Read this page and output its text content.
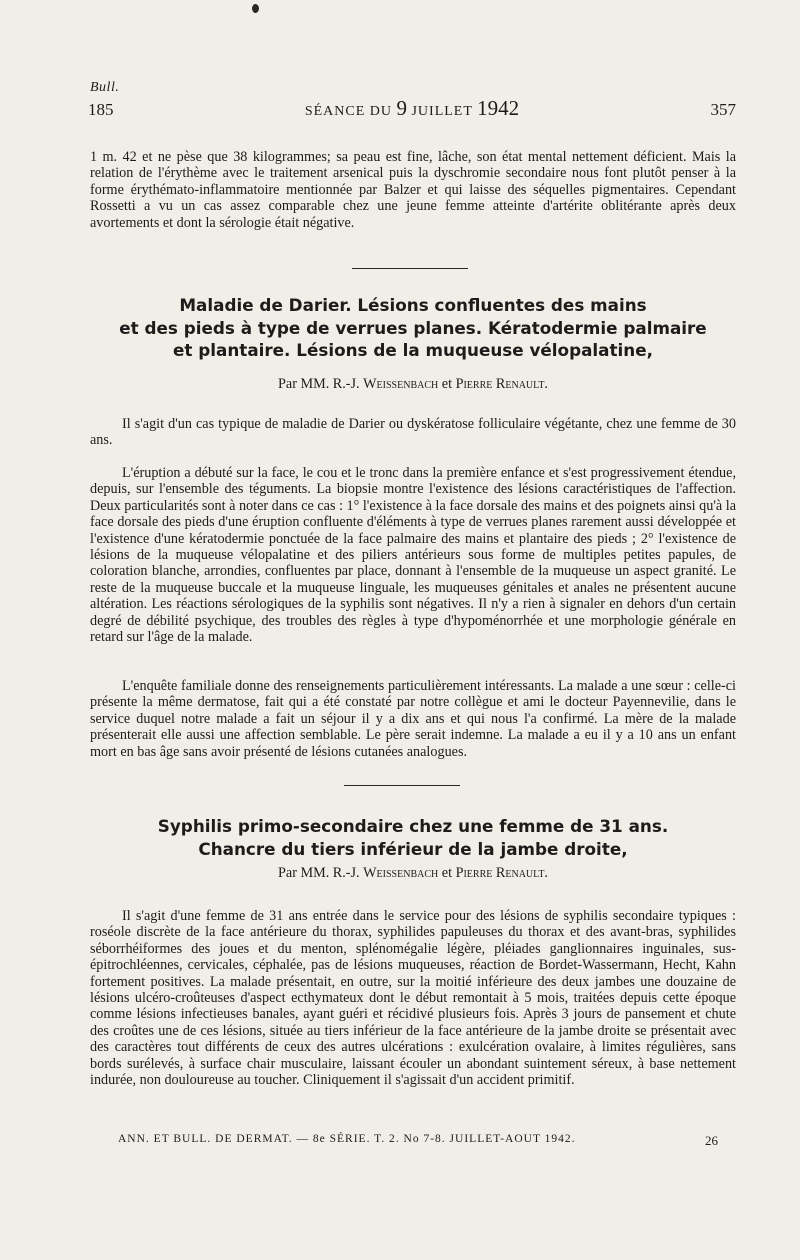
Bull.
185	SÉANCE DU 9 JUILLET 1942	357

1 m. 42 et ne pèse que 38 kilogrammes; sa peau est fine, lâche, son état mental nettement déficient. Mais la relation de l'érythème avec le traitement arsenical puis la dyschromie secondaire nous font plutôt penser à la forme érythémato-inflammatoire mentionnée par Balzer et qui laisse des séquelles pigmentaires. Cependant Rossetti a vu un cas assez comparable chez une jeune femme atteinte d'artérite oblitérante après deux avortements et dont la sérologie était négative.

Maladie de Darier. Lésions confluentes des mains
et des pieds à type de verrues planes. Kératodermie palmaire
et plantaire. Lésions de la muqueuse vélopalatine,

Par MM. R.-J. Weissenbach et Pierre Renault.

Il s'agit d'un cas typique de maladie de Darier ou dyskératose folliculaire végétante, chez une femme de 30 ans.

L'éruption a débuté sur la face, le cou et le tronc dans la première enfance et s'est progressivement étendue, depuis, sur l'ensemble des téguments. La biopsie montre l'existence des lésions caractéristiques de l'affection. Deux particularités sont à noter dans ce cas : 1° l'existence à la face dorsale des mains et des poignets ainsi qu'à la face dorsale des pieds d'une éruption confluente d'éléments à type de verrues planes rarement aussi développée et l'existence d'une kératodermie ponctuée de la face palmaire des mains et plantaire des pieds ; 2° l'existence de lésions de la muqueuse vélopalatine et des piliers antérieurs sous forme de multiples petites papules, de coloration blanche, arrondies, confluentes par place, donnant à l'ensemble de la muqueuse un aspect granité. Le reste de la muqueuse buccale et la muqueuse linguale, les muqueuses génitales et anales ne présentent aucune altération. Les réactions sérologiques de la syphilis sont négatives. Il n'y a rien à signaler en dehors d'un certain degré de débilité psychique, des troubles des règles à type d'hypoménorrhée et une morphologie générale en retard sur l'âge de la malade.

L'enquête familiale donne des renseignements particulièrement intéressants. La malade a une sœur : celle-ci présente la même dermatose, fait qui a été constaté par notre collègue et ami le docteur Payennevilie, dans le service duquel notre malade a fait un séjour il y a dix ans et qui nous l'a confirmé. La mère de la malade présenterait elle aussi une affection semblable. Le père serait indemne. La malade a eu il y a 10 ans un enfant mort en bas âge sans avoir présenté de lésions cutanées analogues.

Syphilis primo-secondaire chez une femme de 31 ans.
Chancre du tiers inférieur de la jambe droite,

Par MM. R.-J. Weissenbach et Pierre Renault.

Il s'agit d'une femme de 31 ans entrée dans le service pour des lésions de syphilis secondaire typiques : roséole discrète de la face antérieure du thorax, syphilides papuleuses du thorax et des avant-bras, syphilides séborrhéiformes des joues et du menton, splénomégalie légère, pléiades ganglionnaires inguinales, sus-épitrochléennes, cervicales, céphalée, pas de lésions muqueuses, réaction de Bordet-Wassermann, Hecht, Kahn fortement positives. La malade présentait, en outre, sur la moitié inférieure des deux jambes une douzaine de lésions ulcéro-croûteuses d'aspect ecthymateux dont le début remontait à 5 mois, traitées depuis cette époque comme lésions infectieuses banales, ayant guéri et récidivé plusieurs fois. Après 3 jours de pansement et chute des croûtes une de ces lésions, située au tiers inférieur de la face antérieure de la jambe droite se présentait avec des caractères tout différents de ceux des autres ulcérations : exulcération ovalaire, à limites régulières, sans bords surélevés, à surface chair musculaire, laissant écouler un abondant suintement séreux, à base nettement indurée, non douloureuse au toucher. Cliniquement il s'agissait d'un accident primitif.

ANN. ET BULL. DE DERMAT. — 8e SÉRIE. T. 2. No 7-8. JUILLET-AOUT 1942.	26
